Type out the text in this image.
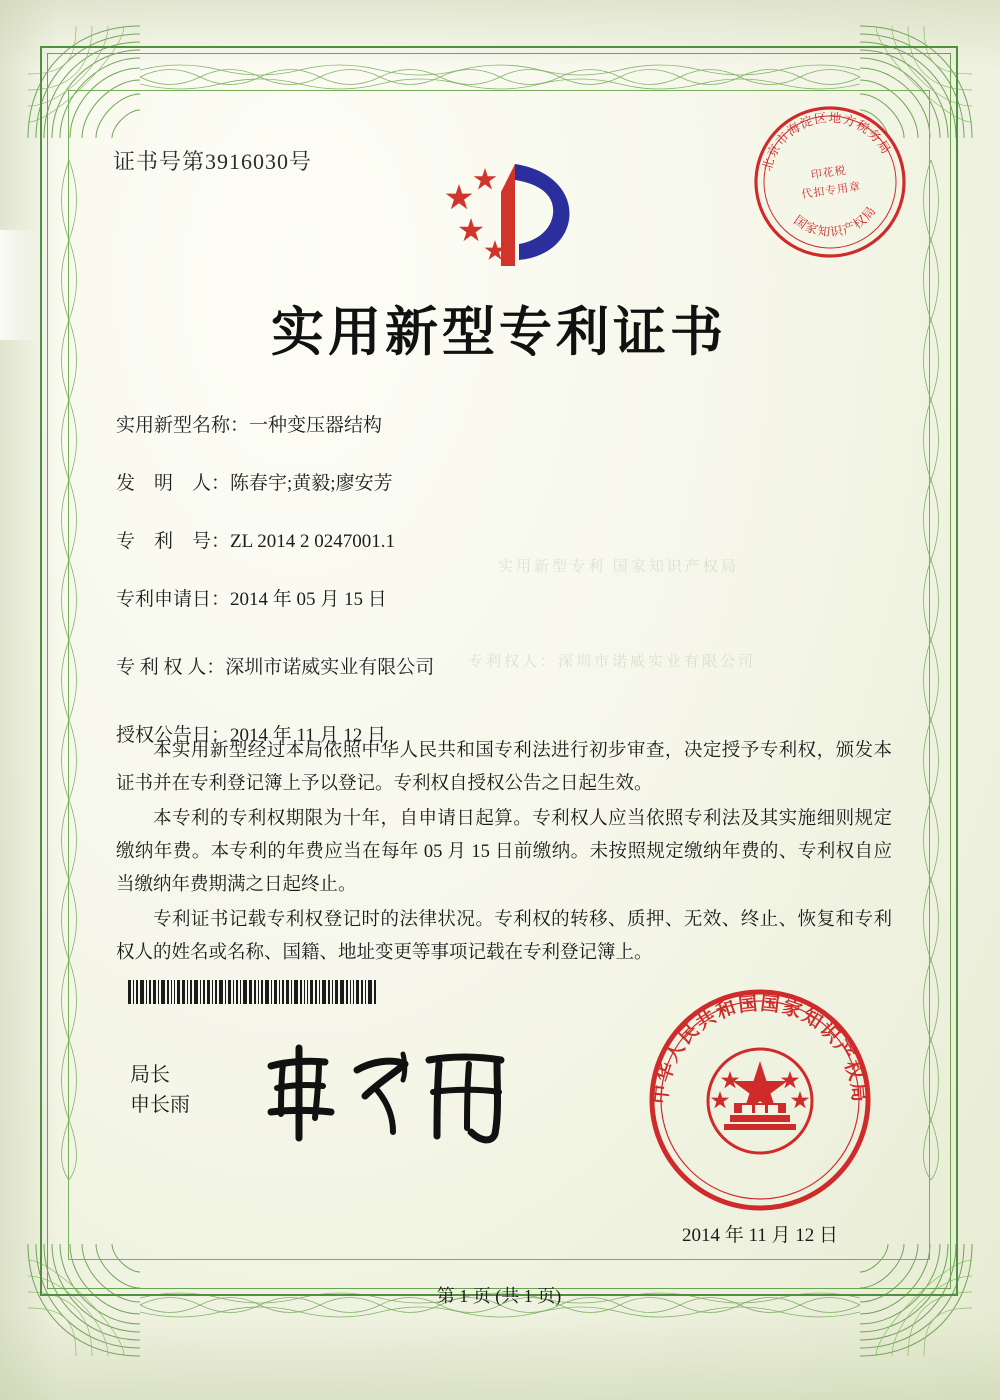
实用新型专利 国家知识产权局
专利权人：深圳市诺威实业有限公司
证书号第3916030号	北京市海淀区地方税务局
国家知识产权局
印花税
代扣专用章
实用新型专利证书
实用新型名称：一种变压器结构
发　明　人：陈春宇;黄毅;廖安芳
专　利　号：ZL 2014 2 0247001.1
专利申请日：2014 年 05 月 15 日
专 利 权 人：深圳市诺威实业有限公司
授权公告日：2014 年 11 月 12 日

本实用新型经过本局依照中华人民共和国专利法进行初步审查，决定授予专利权，颁发本证书并在专利登记簿上予以登记。专利权自授权公告之日起生效。

本专利的专利权期限为十年，自申请日起算。专利权人应当依照专利法及其实施细则规定缴纳年费。本专利的年费应当在每年 05 月 15 日前缴纳。未按照规定缴纳年费的、专利权自应当缴纳年费期满之日起终止。

专利证书记载专利权登记时的法律状况。专利权的转移、质押、无效、终止、恢复和专利权人的姓名或名称、国籍、地址变更等事项记载在专利登记簿上。

局长
申长雨
中华人民共和国国家知识产权局
2014 年 11 月 12 日
第 1 页 (共 1 页)
